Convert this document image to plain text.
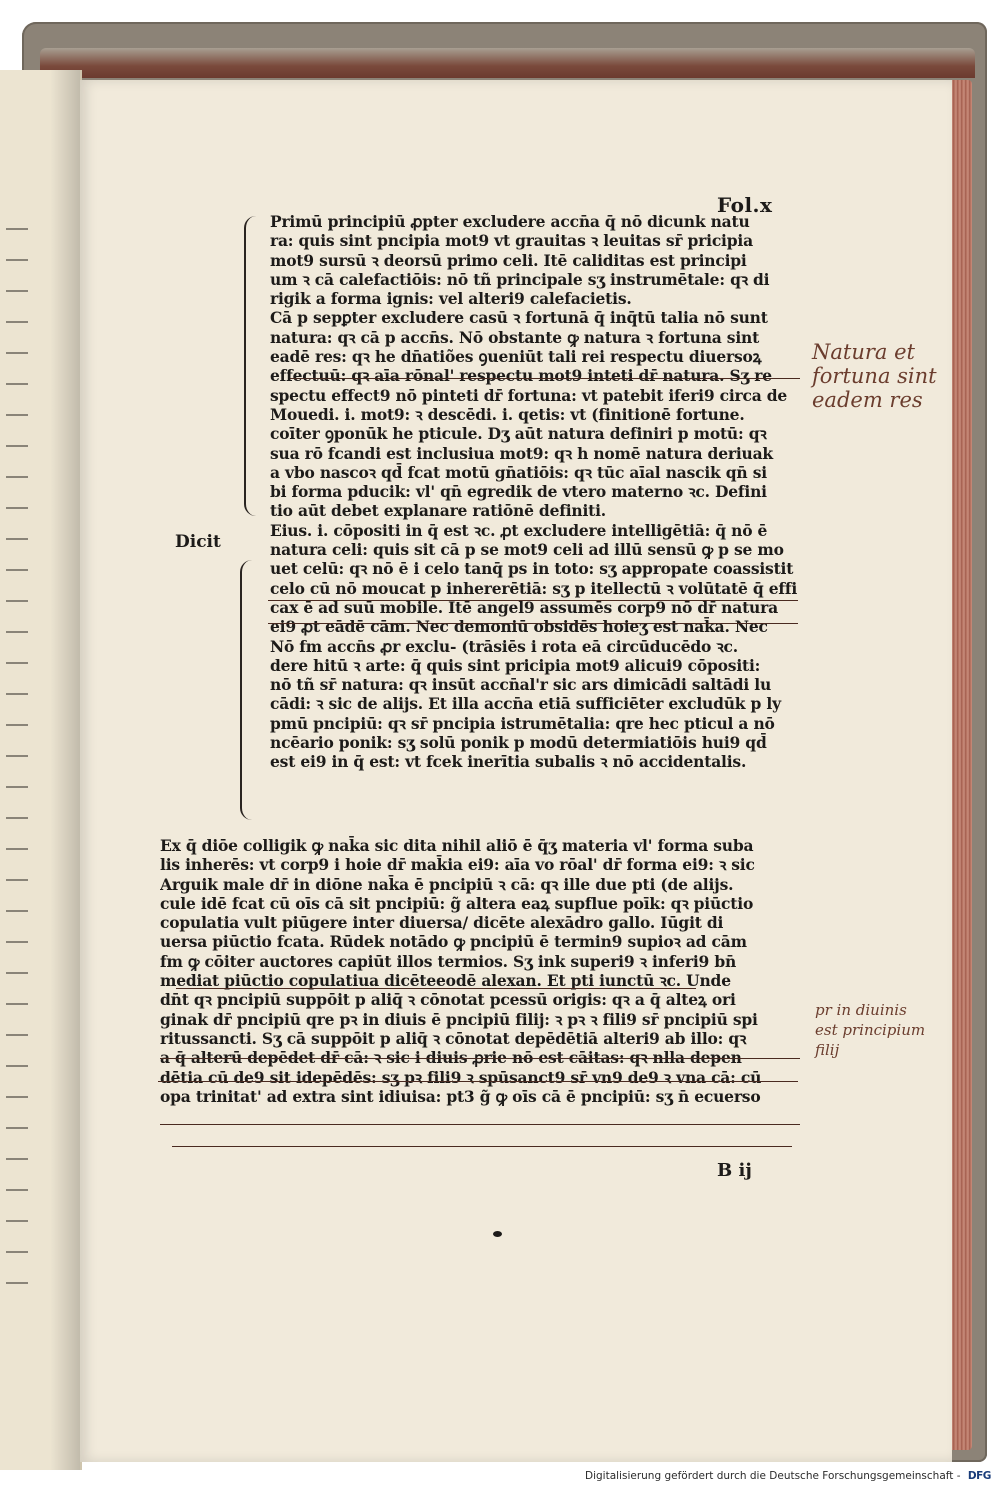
Fol.x
Primū principiū ꝓpter excludere accn̄a q̄ nō dicunk natu
ra: quis sint pncipia mot9 vt grauitas ꝛ leuitas sr̄ pricipia
mot9 sursū ꝛ deorsū primo celi. Itē caliditas est principi
um ꝛ cā calefactiōis: nō tñ principale sʒ instrumētale: qꝛ di
rigik a forma ignis: vel alteri9 calefacietis.
Cā p sepꝑter excludere casū ꝛ fortunā q̄ inq̄tū talia nō sunt
natura: qꝛ cā p accn̄s. Nō obstante ꝙ natura ꝛ fortuna sint
eadē res: qꝛ he dn̄atiões ꝯueniūt tali rei respectu diuersoꝝ
effectuū: qꝛ aīa rōnal' respectu mot9 inteti dr̄ natura. Sʒ re
spectu effect9 nō pinteti dr̄ fortuna: vt patebit iferi9 circa de
Mouedi. i. mot9: ꝛ descēdi. i. qetis: vt (finitionē fortune.
coīter ꝯponūk he pticule. Dʒ aūt natura definiri p motū: qꝛ
sua rō fcandi est inclusiua mot9: qꝛ h nomē natura deriuak
a vbo nascoꝛ qd̄ fcat motū gn̄atiōis: qꝛ tūc aīal nascik qn̄ si
bi forma pducik: vl' qn̄ egredik de vtero materno ꝛc. Defini
tio aūt debet explanare ratiōnē definiti.
Eius. i. cōpositi in q̄ est ꝛc. ꝓt excludere intelligētiā: q̄ nō ē
natura celi: quis sit cā p se mot9 celi ad illū sensū ꝙ p se mo
uet celū: qꝛ nō ē i celo tanq̄ ps in toto: sʒ appropate coassistit
celo cū nō moucat p inhererētiā: sʒ p itellectū ꝛ volūtatē q̄ effi
cax ē ad suū mobile. Itē angel9 assumēs corp9 nō dr̄ natura
ei9 ꝓt eādē cām. Nec demoniū obsidēs hoieʒ est nak̄a. Nec
Nō fm accn̄s ꝓr exclu- (trāsiēs i rota eā circūducēdo ꝛc.
dere hitū ꝛ arte: q̄ quis sint pricipia mot9 alicui9 cōpositi:
nō tñ sr̄ natura: qꝛ insūt accn̄al'r sic ars dimicādi saltādi lu
cādi: ꝛ sic de alijs. Et illa accn̄a etiā sufficiēter excludūk p ly
pmū pncipiū: qꝛ sr̄ pncipia istrumētalia: qre hec pticul a nō
ncēario ponik: sʒ solū ponik p modū determiatiōis hui9 qd̄
est ei9 in q̄ est: vt fcek inerītia subalis ꝛ nō accidentalis.
Dicit
Ex q̄ diōe colligik ꝙ nak̄a sic dita nihil aliō ē q̄ʒ materia vl' forma suba
lis inherēs: vt corp9 i hoie dr̄ mak̄ia ei9: aīa vo rōal' dr̄ forma ei9: ꝛ sic
Arguik male dr̄ in diōne nak̄a ē pncipiū ꝛ cā: qꝛ ille due pti (de alijs.
cule idē fcat cū oīs cā sit pncipiū: g̃ altera eaꝝ supflue poīk: qꝛ piūctio
copulatia vult piūgere inter diuersa/ dicēte alexādro gallo. Iūgit di
uersa piūctio fcata. Rūdek notādo ꝙ pncipiū ē termin9 supioꝛ ad cām
fm ꝙ cōiter auctores capiūt illos termios. Sʒ ink superi9 ꝛ inferi9 bn̄
mediat piūctio copulatiua dicēteeodē alexan. Et pti iunctū ꝛc. Unde
dn̄t qꝛ pncipiū suppōit p aliq̄ ꝛ cōnotat pcessū origis: qꝛ a q̄ alteꝝ ori
ginak dr̄ pncipiū qre pꝛ in diuis ē pncipiū filij: ꝛ pꝛ ꝛ fili9 sr̄ pncipiū spi
ritussancti. Sʒ cā suppōit p aliq̄ ꝛ cōnotat depēdētiā alteri9 ab illo: qꝛ
a q̄ alterū depēdet dr̄ cā: ꝛ sic i diuis ꝓrie nō est cāitas: qꝛ nlla depen
dētia cū de9 sit idepēdēs: sʒ pꝛ fili9 ꝛ spūsanct9 sr̄ vn9 de9 ꝛ vna cā: cū
opa trinitat' ad extra sint idiuisa: pt3 g̃ ꝙ oīs cā ē pncipiū: sʒ n̄ ecuerso
Natura et
fortuna sint
eadem res
pr in diuinis
est principium
filij
B ij
Digitalisierung gefördert durch die Deutsche Forschungsgemeinschaft - DFG
